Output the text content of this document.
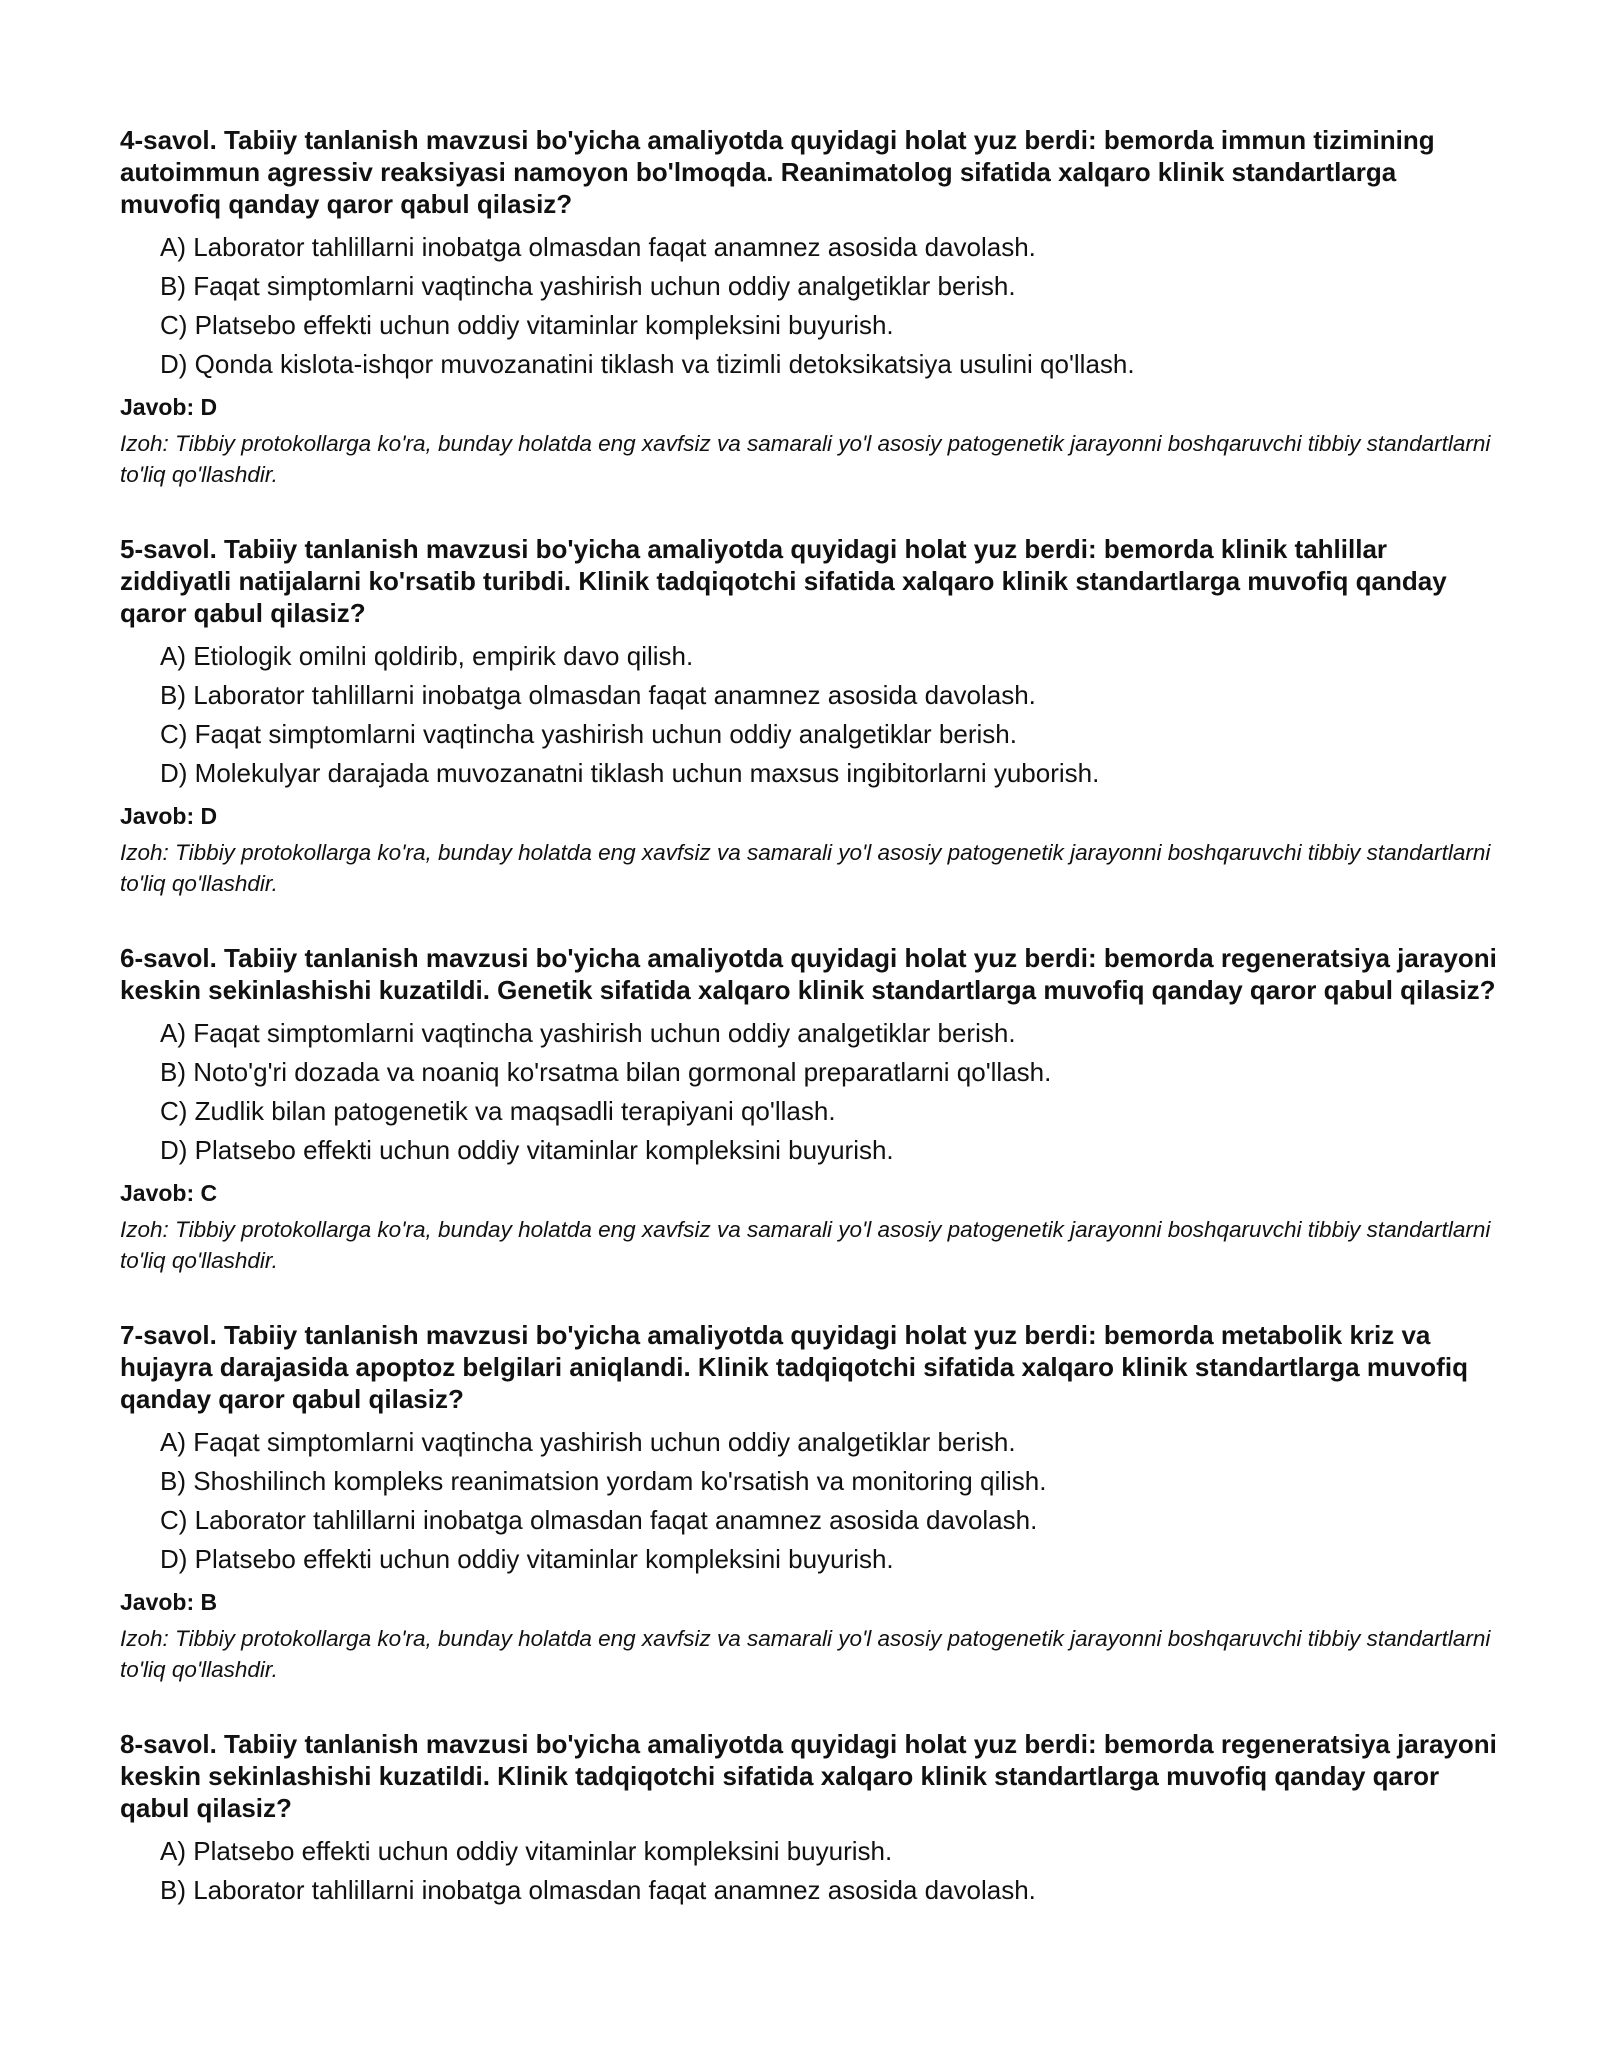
4-savol. Tabiiy tanlanish mavzusi bo'yicha amaliyotda quyidagi holat yuz berdi: bemorda immun tizimining autoimmun agressiv reaksiyasi namoyon bo'lmoqda. Reanimatolog sifatida xalqaro klinik standartlarga muvofiq qanday qaror qabul qilasiz?
A) Laborator tahlillarni inobatga olmasdan faqat anamnez asosida davolash.
B) Faqat simptomlarni vaqtincha yashirish uchun oddiy analgetiklar berish.
C) Platsebo effekti uchun oddiy vitaminlar kompleksini buyurish.
D) Qonda kislota-ishqor muvozanatini tiklash va tizimli detoksikatsiya usulini qo'llash.
Javob: D

Izoh: Tibbiy protokollarga ko'ra, bunday holatda eng xavfsiz va samarali yo'l asosiy patogenetik jarayonni boshqaruvchi tibbiy standartlarni to'liq qo'llashdir.

5-savol. Tabiiy tanlanish mavzusi bo'yicha amaliyotda quyidagi holat yuz berdi: bemorda klinik tahlillar ziddiyatli natijalarni ko'rsatib turibdi. Klinik tadqiqotchi sifatida xalqaro klinik standartlarga muvofiq qanday qaror qabul qilasiz?
A) Etiologik omilni qoldirib, empirik davo qilish.
B) Laborator tahlillarni inobatga olmasdan faqat anamnez asosida davolash.
C) Faqat simptomlarni vaqtincha yashirish uchun oddiy analgetiklar berish.
D) Molekulyar darajada muvozanatni tiklash uchun maxsus ingibitorlarni yuborish.
Javob: D

Izoh: Tibbiy protokollarga ko'ra, bunday holatda eng xavfsiz va samarali yo'l asosiy patogenetik jarayonni boshqaruvchi tibbiy standartlarni to'liq qo'llashdir.

6-savol. Tabiiy tanlanish mavzusi bo'yicha amaliyotda quyidagi holat yuz berdi: bemorda regeneratsiya jarayoni keskin sekinlashishi kuzatildi. Genetik sifatida xalqaro klinik standartlarga muvofiq qanday qaror qabul qilasiz?
A) Faqat simptomlarni vaqtincha yashirish uchun oddiy analgetiklar berish.
B) Noto'g'ri dozada va noaniq ko'rsatma bilan gormonal preparatlarni qo'llash.
C) Zudlik bilan patogenetik va maqsadli terapiyani qo'llash.
D) Platsebo effekti uchun oddiy vitaminlar kompleksini buyurish.
Javob: C

Izoh: Tibbiy protokollarga ko'ra, bunday holatda eng xavfsiz va samarali yo'l asosiy patogenetik jarayonni boshqaruvchi tibbiy standartlarni to'liq qo'llashdir.

7-savol. Tabiiy tanlanish mavzusi bo'yicha amaliyotda quyidagi holat yuz berdi: bemorda metabolik kriz va hujayra darajasida apoptoz belgilari aniqlandi. Klinik tadqiqotchi sifatida xalqaro klinik standartlarga muvofiq qanday qaror qabul qilasiz?
A) Faqat simptomlarni vaqtincha yashirish uchun oddiy analgetiklar berish.
B) Shoshilinch kompleks reanimatsion yordam ko'rsatish va monitoring qilish.
C) Laborator tahlillarni inobatga olmasdan faqat anamnez asosida davolash.
D) Platsebo effekti uchun oddiy vitaminlar kompleksini buyurish.
Javob: B

Izoh: Tibbiy protokollarga ko'ra, bunday holatda eng xavfsiz va samarali yo'l asosiy patogenetik jarayonni boshqaruvchi tibbiy standartlarni to'liq qo'llashdir.

8-savol. Tabiiy tanlanish mavzusi bo'yicha amaliyotda quyidagi holat yuz berdi: bemorda regeneratsiya jarayoni keskin sekinlashishi kuzatildi. Klinik tadqiqotchi sifatida xalqaro klinik standartlarga muvofiq qanday qaror qabul qilasiz?
A) Platsebo effekti uchun oddiy vitaminlar kompleksini buyurish.
B) Laborator tahlillarni inobatga olmasdan faqat anamnez asosida davolash.
